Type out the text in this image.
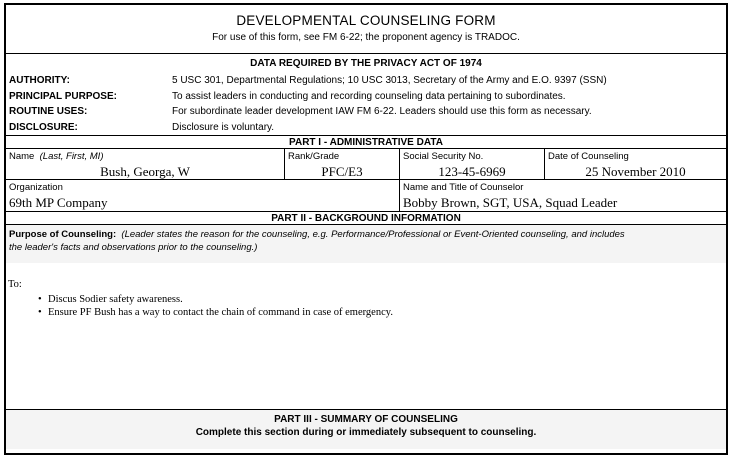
DEVELOPMENTAL COUNSELING FORM
For use of this form, see FM 6-22; the proponent agency is TRADOC.
DATA REQUIRED BY THE PRIVACY ACT OF 1974
AUTHORITY:	5 USC 301, Departmental Regulations; 10 USC 3013, Secretary of the Army and E.O. 9397 (SSN)
PRINCIPAL PURPOSE:	To assist leaders in conducting and recording counseling data pertaining to subordinates.
ROUTINE USES:	For subordinate leader development IAW FM 6-22. Leaders should use this form as necessary.
DISCLOSURE:	Disclosure is voluntary.
PART I - ADMINISTRATIVE DATA
Name (Last, First, MI)
Bush, Georga, W
Rank/Grade
PFC/E3
Social Security No.
123-45-6969
Date of Counseling
25 November 2010
Organization
69th MP Company
Name and Title of Counselor
Bobby Brown, SGT, USA, Squad Leader
PART II - BACKGROUND INFORMATION
Purpose of Counseling: (Leader states the reason for the counseling, e.g. Performance/Professional or Event-Oriented counseling, and includes
the leader's facts and observations prior to the counseling.)
To:
• Discus Sodier safety awareness.
• Ensure PF Bush has a way to contact the chain of command in case of emergency.
PART III - SUMMARY OF COUNSELING
Complete this section during or immediately subsequent to counseling.
